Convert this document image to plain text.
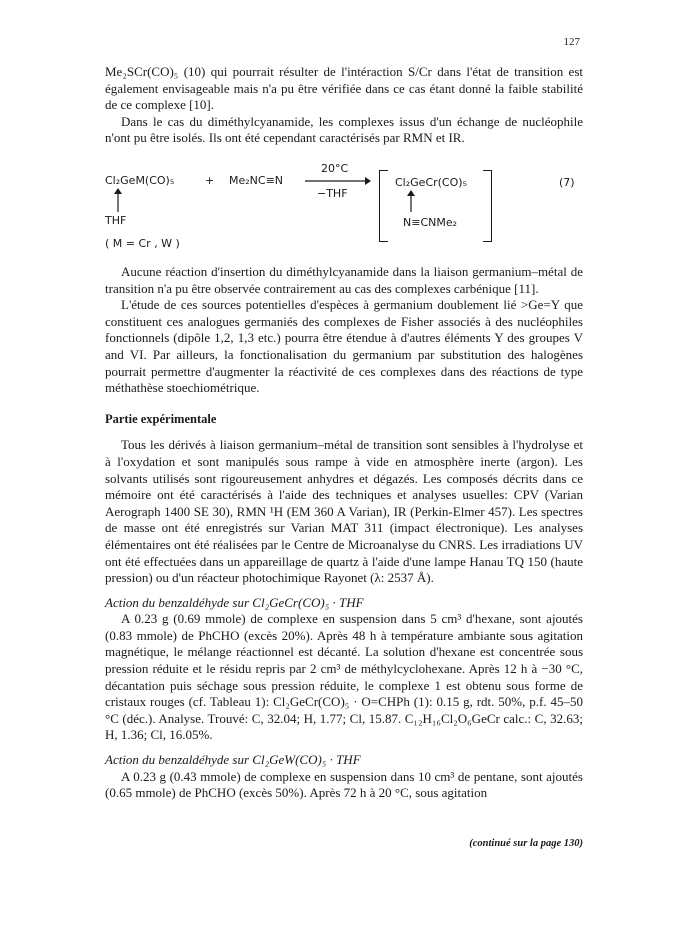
127

Me₂SCr(CO)₅ (10) qui pourrait résulter de l'intéraction S/Cr dans l'état de transition est également envisageable mais n'a pu être vérifiée dans ce cas étant donné la faible stabilité de ce complexe [10].

Dans le cas du diméthylcyanamide, les complexes issus d'un échange de nucléophile n'ont pu être isolés. Ils ont été cependant caractérisés par RMN et IR.

Cl₂GeM(CO)₅	+ Me₂NC≡N
20°C
−THF
THF
( M = Cr , W )
Cl₂GeCr(CO)₅
N≡CNMe₂
(7)

Aucune réaction d'insertion du diméthylcyanamide dans la liaison germanium–métal de transition n'a pu être observée contrairement au cas des complexes carbénique [11].

L'étude de ces sources potentielles d'espèces à germanium doublement lié >Ge=Y que constituent ces analogues germaniés des complexes de Fisher associés à des nucléophiles fonctionnels (dipôle 1,2, 1,3 etc.) pourra être étendue à d'autres éléments Y des groupes V and VI. Par ailleurs, la fonctionalisation du germanium par substitution des halogènes pourrait permettre d'augmenter la réactivité de ces complexes dans des réactions de type méthathèse stoechiométrique.

Partie expérimentale

Tous les dérivés à liaison germanium–métal de transition sont sensibles à l'hydrolyse et à l'oxydation et sont manipulés sous rampe à vide en atmosphère inerte (argon). Les solvants utilisés sont rigoureusement anhydres et dégazés. Les composés décrits dans ce mémoire ont été caractérisés à l'aide des techniques et analyses usuelles: CPV (Varian Aerograph 1400 SE 30), RMN ¹H (EM 360 A Varian), IR (Perkin-Elmer 457). Les spectres de masse ont été enregistrés sur Varian MAT 311 (impact électronique). Les analyses élémentaires ont été réalisées par le Centre de Microanalyse du CNRS. Les irradiations UV ont été effectuées dans un appareillage de quartz à l'aide d'une lampe Hanau TQ 150 (haute pression) ou d'un réacteur photochimique Rayonet (λ: 2537 Å).

Action du benzaldéhyde sur Cl₂GeCr(CO)₅ · THF

A 0.23 g (0.69 mmole) de complexe en suspension dans 5 cm³ d'hexane, sont ajoutés (0.83 mmole) de PhCHO (excès 20%). Après 48 h à température ambiante sous agitation magnétique, le mélange réactionnel est décanté. La solution d'hexane est concentrée sous pression réduite et le résidu repris par 2 cm³ de méthylcyclohexane. Après 12 h à −30 °C, décantation puis séchage sous pression réduite, le complexe 1 est obtenu sous forme de cristaux rouges (cf. Tableau 1): Cl₂GeCr(CO)₅ · O=CHPh (1): 0.15 g, rdt. 50%, p.f. 45–50 °C (déc.). Analyse. Trouvé: C, 32.04; H, 1.77; Cl, 15.87. C₁₂H₁₆Cl₂O₆GeCr calc.: C, 32.63; H, 1.36; Cl, 16.05%.

Action du benzaldéhyde sur Cl₂GeW(CO)₅ · THF

A 0.23 g (0.43 mmole) de complexe en suspension dans 10 cm³ de pentane, sont ajoutés (0.65 mmole) de PhCHO (excès 50%). Après 72 h à 20 °C, sous agitation

(continué sur la page 130)
